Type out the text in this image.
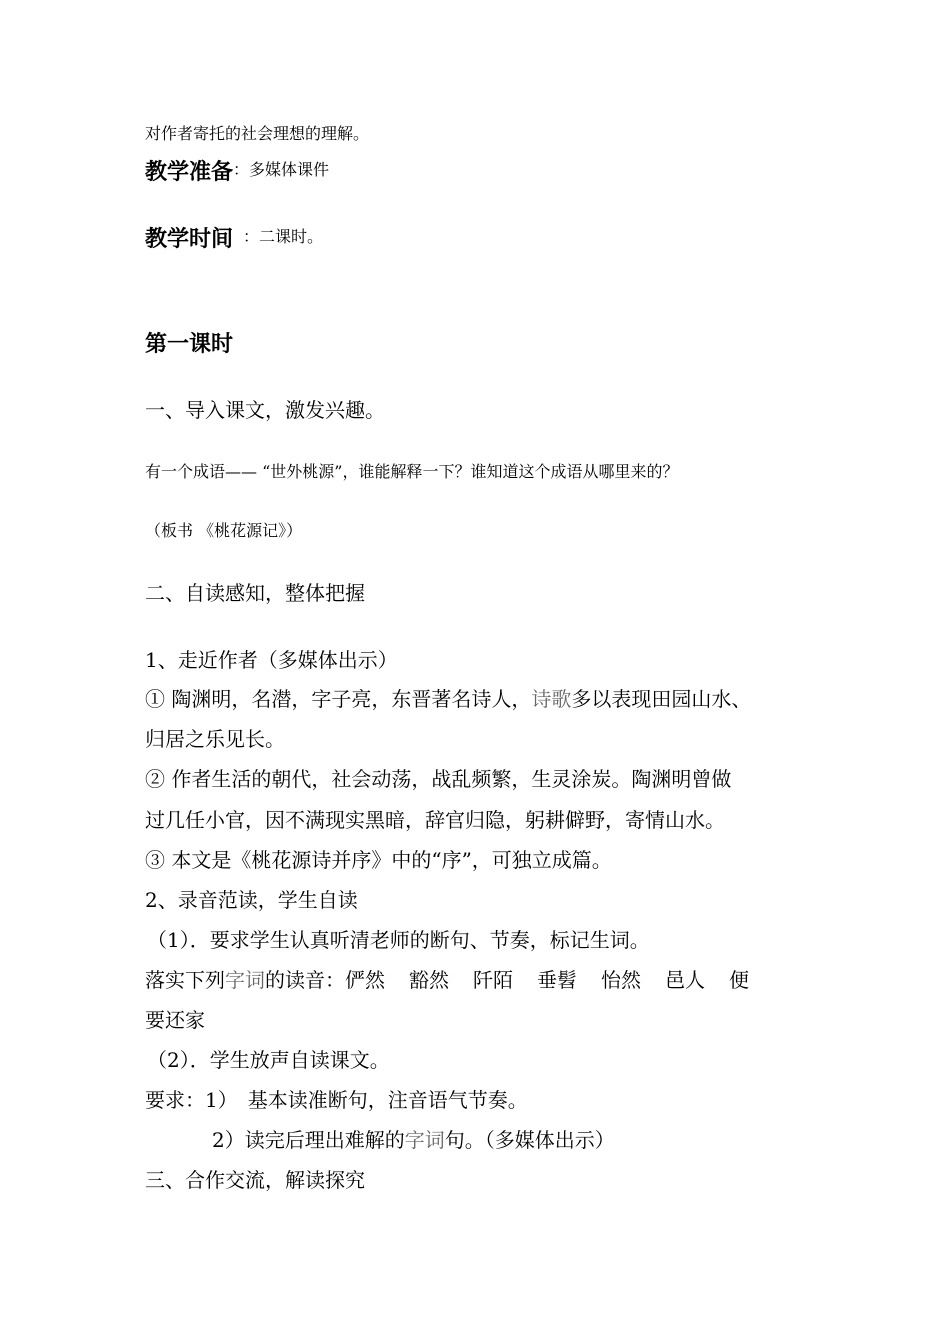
对作者寄托的社会理想的理解。
教学准备$^{:多媒体课件}$
教学时间 $^{:二课时。}$
第一课时
一、导入课文，激发兴趣。
有一个成语—— “世外桃源”，谁能解释一下？谁知道这个成语从哪里来的？
（板书 《桃花源记》）
二、自读感知，整体把握
1、走近作者（多媒体出示）
① 陶渊明，名潜，字子亮，东晋著名诗人，诗歌多以表现田园山水、
归居之乐见长。
② 作者生活的朝代，社会动荡，战乱频繁，生灵涂炭。陶渊明曾做
过几任小官，因不满现实黑暗，辞官归隐，躬耕僻野，寄情山水。
③ 本文是《桃花源诗并序》中的“序”，可独立成篇。
2、录音范读，学生自读
（1）．要求学生认真听清老师的断句、节奏，标记生词。
落实下列字词的读音：俨然 豁然 阡陌 垂髫 怡然 邑人 便
要还家
（2）．学生放声自读课文。
要求：1）　基本读准断句，注音语气节奏。
2）读完后理出难解的字词句。（多媒体出示）
三、合作交流，解读探究
